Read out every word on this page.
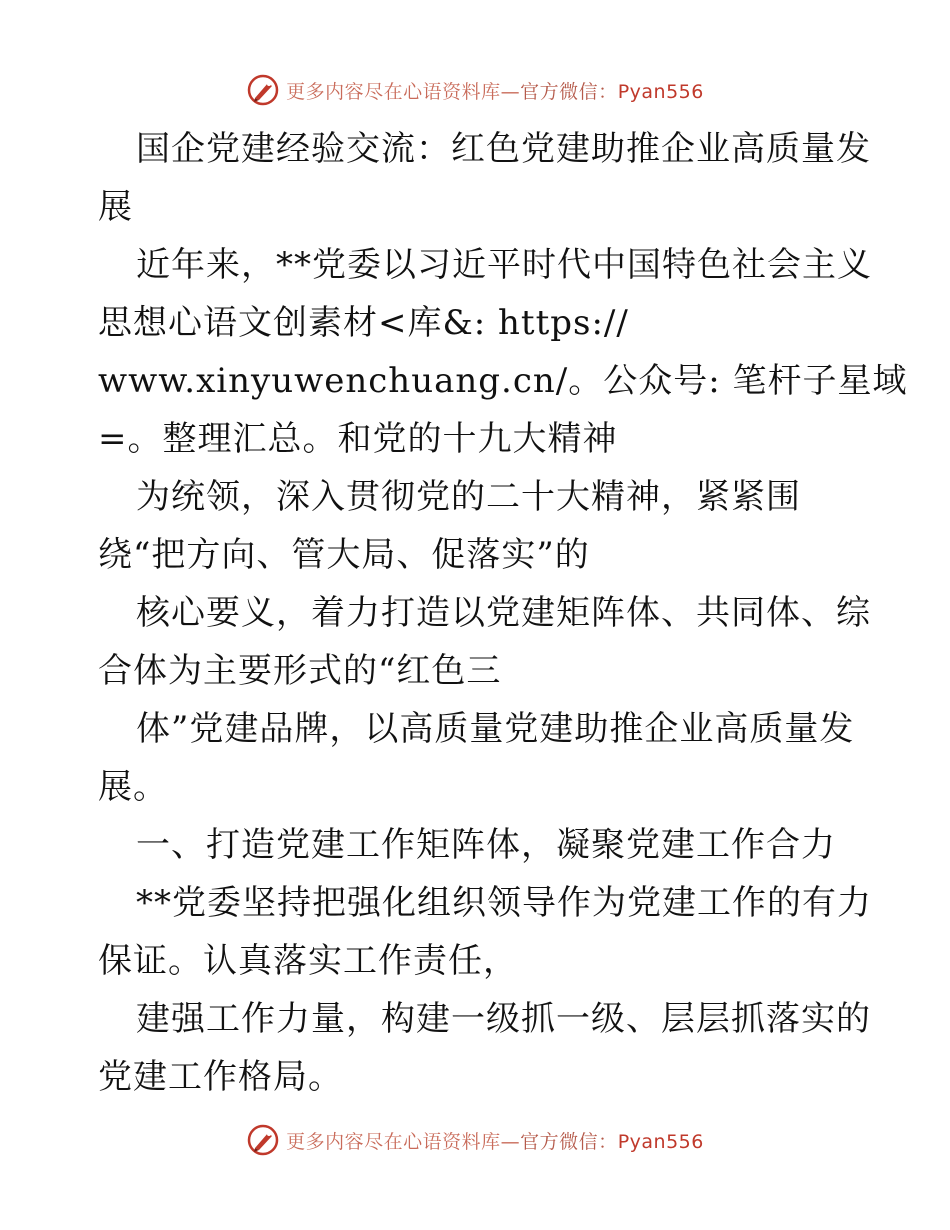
更多内容尽在心语资料库—官方微信：Pyan556
国企党建经验交流：红色党建助推企业高质量发
展
近年来，**党委以习近平时代中国特色社会主义
思想心语文创素材<库&: https://
www.xinyuwenchuang.cn/。公众号: 笔杆子星域
=。整理汇总。和党的十九大精神
为统领，深入贯彻党的二十大精神，紧紧围
绕“把方向、管大局、促落实”的
核心要义，着力打造以党建矩阵体、共同体、综
合体为主要形式的“红色三
体”党建品牌，以高质量党建助推企业高质量发
展。
一、打造党建工作矩阵体，凝聚党建工作合力
**党委坚持把强化组织领导作为党建工作的有力
保证。认真落实工作责任，
建强工作力量，构建一级抓一级、层层抓落实的
党建工作格局。
更多内容尽在心语资料库—官方微信：Pyan556
